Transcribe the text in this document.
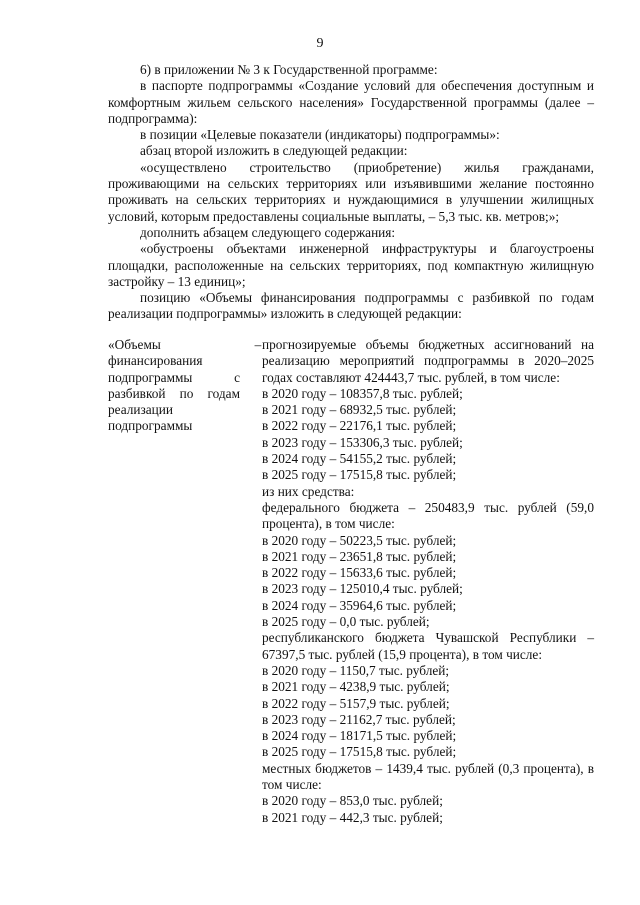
9

6) в приложении № 3 к Государственной программе:

в паспорте подпрограммы «Создание условий для обеспечения доступным и комфортным жильем сельского населения» Государственной программы (далее – подпрограмма):

в позиции «Целевые показатели (индикаторы) подпрограммы»:

абзац второй изложить в следующей редакции:

«осуществлено строительство (приобретение) жилья гражданами, проживающими на сельских территориях или изъявившими желание постоянно проживать на сельских территориях и нуждающимися в улучшении жилищных условий, которым предоставлены социальные выплаты, – 5,3 тыс. кв. метров;»;

дополнить абзацем следующего содержания:

«обустроены объектами инженерной инфраструктуры и благоустроены площадки, расположенные на сельских территориях, под компактную жилищную застройку – 13 единиц»;

позицию «Объемы финансирования подпрограммы с разбивкой по годам реализации подпрограммы» изложить в следующей редакции:

«Объемы финансирования подпрограммы с разбивкой по годам реализации подпрограммы
– прогнозируемые объемы бюджетных ассигнований на реализацию мероприятий подпрограммы в 2020–2025 годах составляют 424443,7 тыс. рублей, в том числе:
в 2020 году – 108357,8 тыс. рублей;
в 2021 году – 68932,5 тыс. рублей;
в 2022 году – 22176,1 тыс. рублей;
в 2023 году – 153306,3 тыс. рублей;
в 2024 году – 54155,2 тыс. рублей;
в 2025 году – 17515,8 тыс. рублей;
из них средства:
федерального бюджета – 250483,9 тыс. рублей (59,0 процента), в том числе:
в 2020 году – 50223,5 тыс. рублей;
в 2021 году – 23651,8 тыс. рублей;
в 2022 году – 15633,6 тыс. рублей;
в 2023 году – 125010,4 тыс. рублей;
в 2024 году – 35964,6 тыс. рублей;
в 2025 году – 0,0 тыс. рублей;
республиканского бюджета Чувашской Республики – 67397,5 тыс. рублей (15,9 процента), в том числе:
в 2020 году – 1150,7 тыс. рублей;
в 2021 году – 4238,9 тыс. рублей;
в 2022 году – 5157,9 тыс. рублей;
в 2023 году – 21162,7 тыс. рублей;
в 2024 году – 18171,5 тыс. рублей;
в 2025 году – 17515,8 тыс. рублей;
местных бюджетов – 1439,4 тыс. рублей (0,3 процента), в том числе:
в 2020 году – 853,0 тыс. рублей;
в 2021 году – 442,3 тыс. рублей;
